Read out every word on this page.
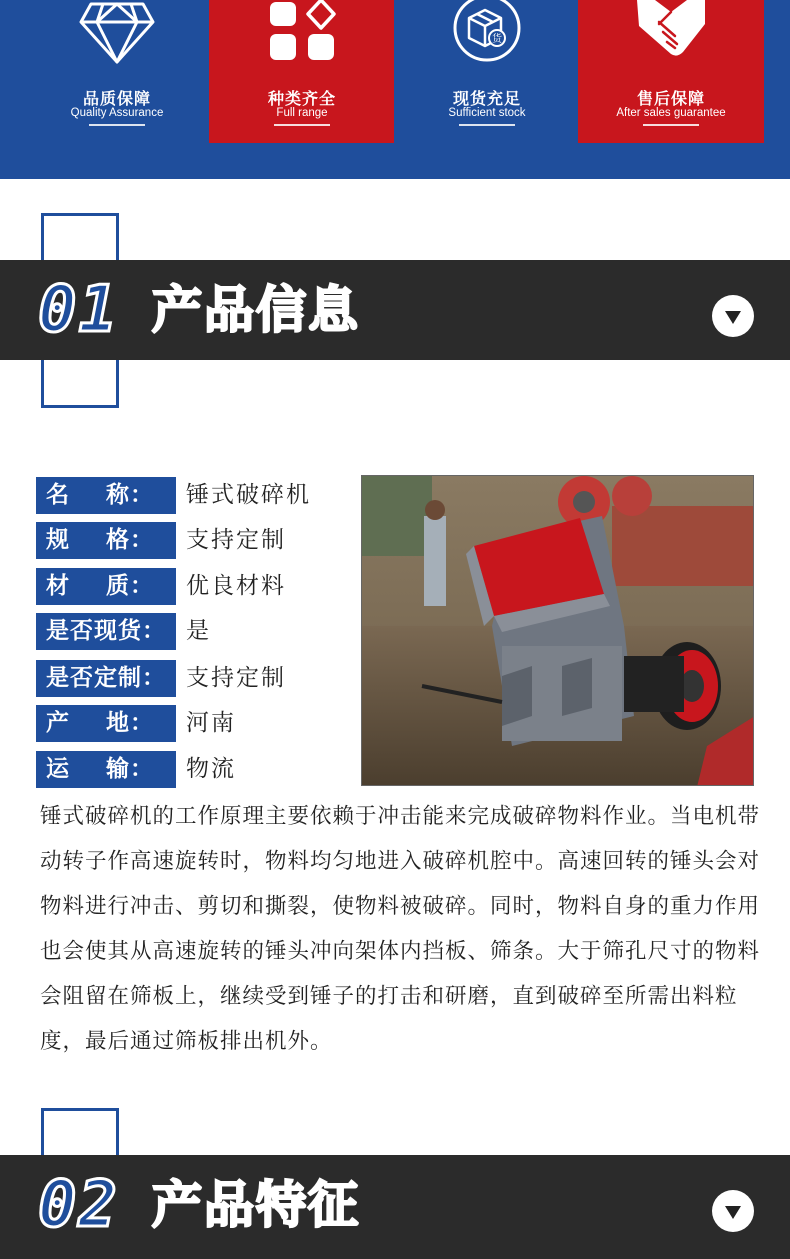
品质保障
Quality Assurance
种类齐全
Full range
货
现货充足
Sufficient stock
售后保障
After sales guarantee
01 产品信息
名    称：	锤式破碎机
规    格：	支持定制
材    质：	优良材料
是否现货： 是
是否定制： 支持定制
产    地：	河南
运    输：	物流
锤式破碎机的工作原理主要依赖于冲击能来完成破碎物料作业。当电机带动转子作高速旋转时，物料均匀地进入破碎机腔中。高速回转的锤头会对物料进行冲击、剪切和撕裂，使物料被破碎。同时，物料自身的重力作用也会使其从高速旋转的锤头冲向架体内挡板、筛条。大于筛孔尺寸的物料会阻留在筛板上，继续受到锤子的打击和研磨，直到破碎至所需出料粒度，最后通过筛板排出机外。
02 产品特征
